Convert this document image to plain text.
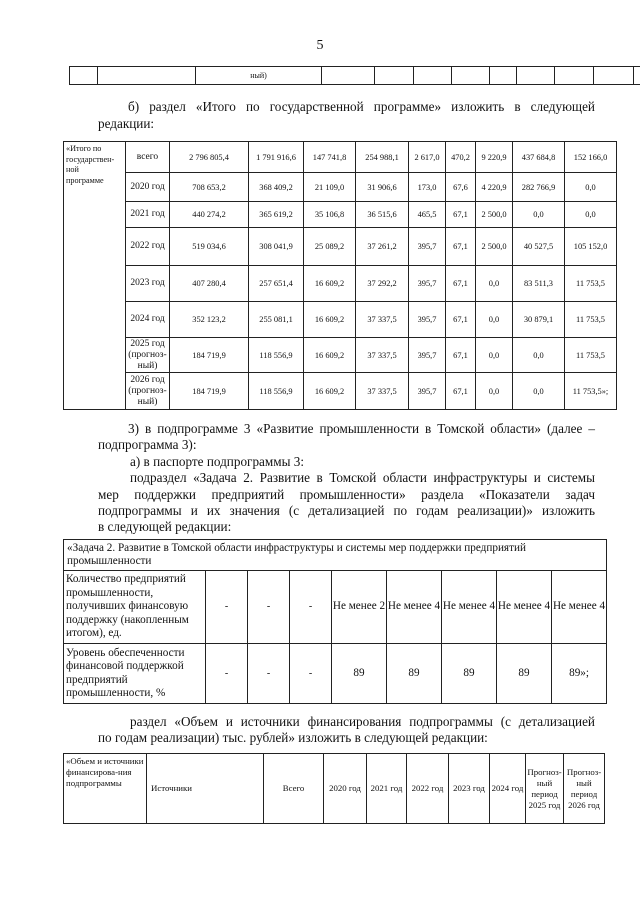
5
		ный)									
б) раздел «Итого по государственной программе» изложить в следующей
редакции:
«Итого по
государствен-
ной
программе	всего	2 796 805,4	1 791 916,6	147 741,8	254 988,1	2 617,0	470,2	9 220,9	437 684,8	152 166,0

	2020 год	708 653,2	368 409,2	21 109,0	31 906,6	173,0	67,6	4 220,9	282 766,9	0,0

	2021 год	440 274,2	365 619,2	35 106,8	36 515,6	465,5	67,1	2 500,0	0,0	0,0

	2022 год	519 034,6	308 041,9	25 089,2	37 261,2	395,7	67,1	2 500,0	40 527,5	105 152,0

	2023 год	407 280,4	257 651,4	16 609,2	37 292,2	395,7	67,1	0,0	83 511,3	11 753,5

	2024 год	352 123,2	255 081,1	16 609,2	37 337,5	395,7	67,1	0,0	30 879,1	11 753,5

	2025 год
(прогноз-
ный)	184 719,9	118 556,9	16 609,2	37 337,5	395,7	67,1	0,0	0,0	11 753,5

	2026 год
(прогноз-
ный)	184 719,9	118 556,9	16 609,2	37 337,5	395,7	67,1	0,0	0,0	11 753,5»;
3) в подпрограмме 3 «Развитие промышленности в Томской области» (далее –
подпрограмма 3):
а) в паспорте подпрограммы 3:
подраздел «Задача 2. Развитие в Томской области инфраструктуры и системы
мер поддержки предприятий промышленности» раздела «Показатели задач
подпрограммы и их значения (с детализацией по годам реализации)» изложить
в следующей редакции:
«Задача 2. Развитие в Томской области инфраструктуры и системы мер поддержки предприятий промышленности								
Количество предприятий промышленности, получивших финансовую поддержку (накопленным итогом), ед.	-	-	-	Не менее 2	Не менее 4	Не менее 4	Не менее 4	Не менее 4
Уровень обеспеченности финансовой поддержкой предприятий промышленности, %	-	-	-	89	89	89	89	89»;
раздел «Объем и источники финансирования подпрограммы (с детализацией
по годам реализации) тыс. рублей» изложить в следующей редакции:
«Объем и источники финансирова-ния подпрограммы	Источники	Всего	2020 год	2021 год	2022 год	2023 год	2024 год	Прогноз-ный период 2025 год	Прогноз-ный период 2026 год
